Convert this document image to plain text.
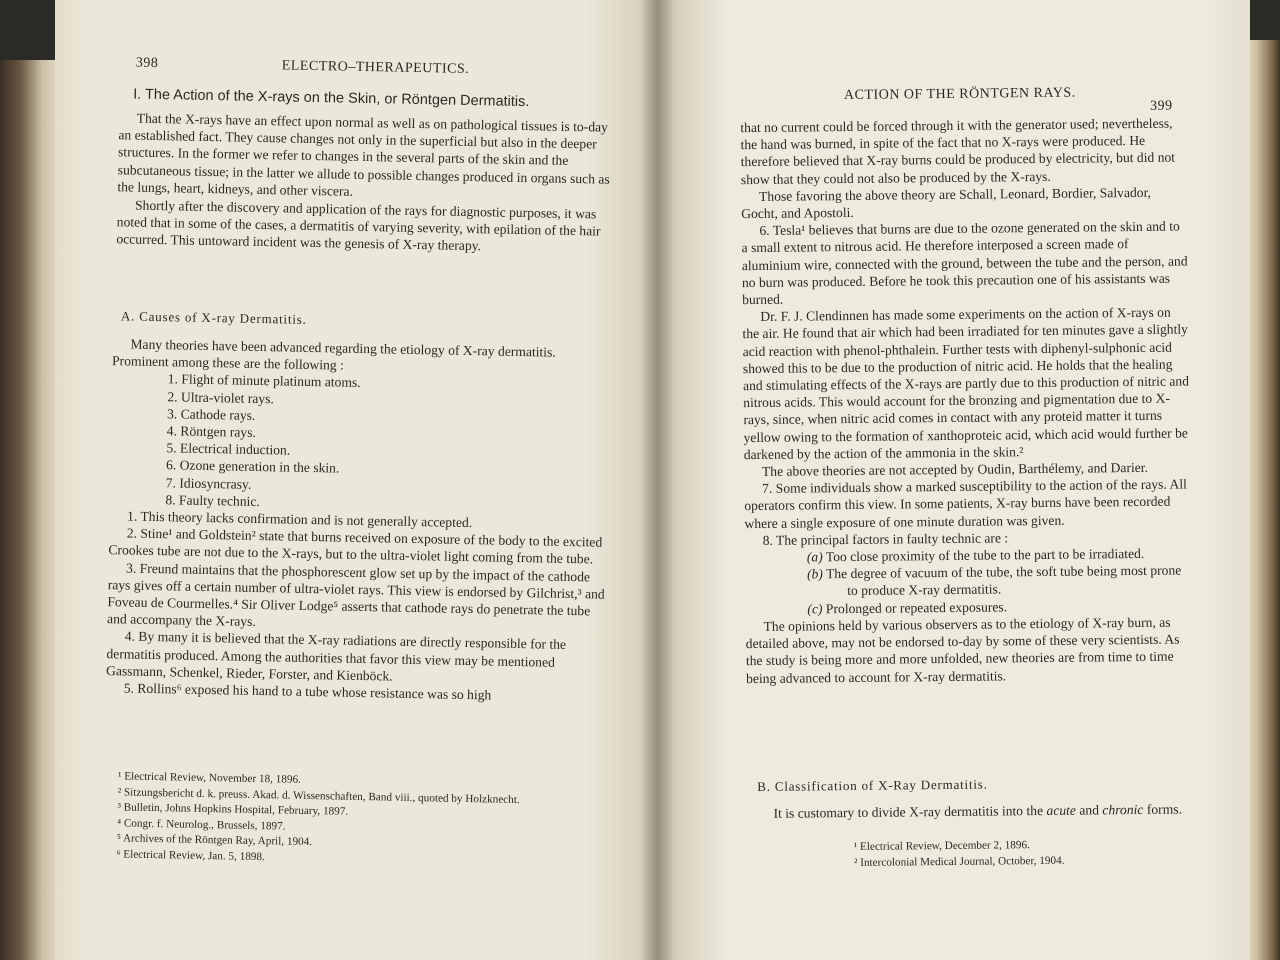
398	ELECTRO–THERAPEUTICS.
I. The Action of the X-rays on the Skin, or Röntgen Dermatitis.

That the X-rays have an effect upon normal as well as on pathological tissues is to-day an established fact. They cause changes not only in the superficial but also in the deeper structures. In the former we refer to changes in the several parts of the skin and the subcutaneous tissue; in the latter we allude to possible changes produced in organs such as the lungs, heart, kidneys, and other viscera.

Shortly after the discovery and application of the rays for diagnostic purposes, it was noted that in some of the cases, a dermatitis of varying severity, with epilation of the hair occurred. This untoward incident was the genesis of X-ray therapy.

A. Causes of X-ray Dermatitis.

Many theories have been advanced regarding the etiology of X-ray dermatitis. Prominent among these are the following :

1. Flight of minute platinum atoms.
2. Ultra-violet rays.
3. Cathode rays.
4. Röntgen rays.
5. Electrical induction.
6. Ozone generation in the skin.
7. Idiosyncrasy.
8. Faulty technic.

1. This theory lacks confirmation and is not generally accepted.

2. Stine¹ and Goldstein² state that burns received on exposure of the body to the excited Crookes tube are not due to the X-rays, but to the ultra-violet light coming from the tube.

3. Freund maintains that the phosphorescent glow set up by the impact of the cathode rays gives off a certain number of ultra-violet rays. This view is endorsed by Gilchrist,³ and Foveau de Courmelles.⁴ Sir Oliver Lodge⁵ asserts that cathode rays do penetrate the tube and accompany the X-rays.

4. By many it is believed that the X-ray radiations are directly responsible for the dermatitis produced. Among the authorities that favor this view may be mentioned Gassmann, Schenkel, Rieder, Forster, and Kienböck.

5. Rollins⁶ exposed his hand to a tube whose resistance was so high

¹ Electrical Review, November 18, 1896.

² Sitzungsbericht d. k. preuss. Akad. d. Wissenschaften, Band viii., quoted by Holzknecht.

³ Bulletin, Johns Hopkins Hospital, February, 1897.

⁴ Congr. f. Neurolog., Brussels, 1897.

⁵ Archives of the Röntgen Ray, April, 1904.

⁶ Electrical Review, Jan. 5, 1898.

ACTION OF THE RÖNTGEN RAYS.
399

that no current could be forced through it with the generator used; nevertheless, the hand was burned, in spite of the fact that no X-rays were produced. He therefore believed that X-ray burns could be produced by electricity, but did not show that they could not also be produced by the X-rays.

Those favoring the above theory are Schall, Leonard, Bordier, Salvador, Gocht, and Apostoli.

6. Tesla¹ believes that burns are due to the ozone generated on the skin and to a small extent to nitrous acid. He therefore interposed a screen made of aluminium wire, connected with the ground, between the tube and the person, and no burn was produced. Before he took this precaution one of his assistants was burned.

Dr. F. J. Clendinnen has made some experiments on the action of X-rays on the air. He found that air which had been irradiated for ten minutes gave a slightly acid reaction with phenol-phthalein. Further tests with diphenyl-sulphonic acid showed this to be due to the production of nitric acid. He holds that the healing and stimulating effects of the X-rays are partly due to this production of nitric and nitrous acids. This would account for the bronzing and pigmentation due to X-rays, since, when nitric acid comes in contact with any proteid matter it turns yellow owing to the formation of xanthoproteic acid, which acid would further be darkened by the action of the ammonia in the skin.²

The above theories are not accepted by Oudin, Barthélemy, and Darier.

7. Some individuals show a marked susceptibility to the action of the rays. All operators confirm this view. In some patients, X-ray burns have been recorded where a single exposure of one minute duration was given.

8. The principal factors in faulty technic are :

(a) Too close proximity of the tube to the part to be irradiated.

(b) The degree of vacuum of the tube, the soft tube being most prone to produce X-ray dermatitis.

(c) Prolonged or repeated exposures.

The opinions held by various observers as to the etiology of X-ray burn, as detailed above, may not be endorsed to-day by some of these very scientists. As the study is being more and more unfolded, new theories are from time to time being advanced to account for X-ray dermatitis.

B. Classification of X-Ray Dermatitis.

It is customary to divide X-ray dermatitis into the acute and chronic forms.

¹ Electrical Review, December 2, 1896.

² Intercolonial Medical Journal, October, 1904.
